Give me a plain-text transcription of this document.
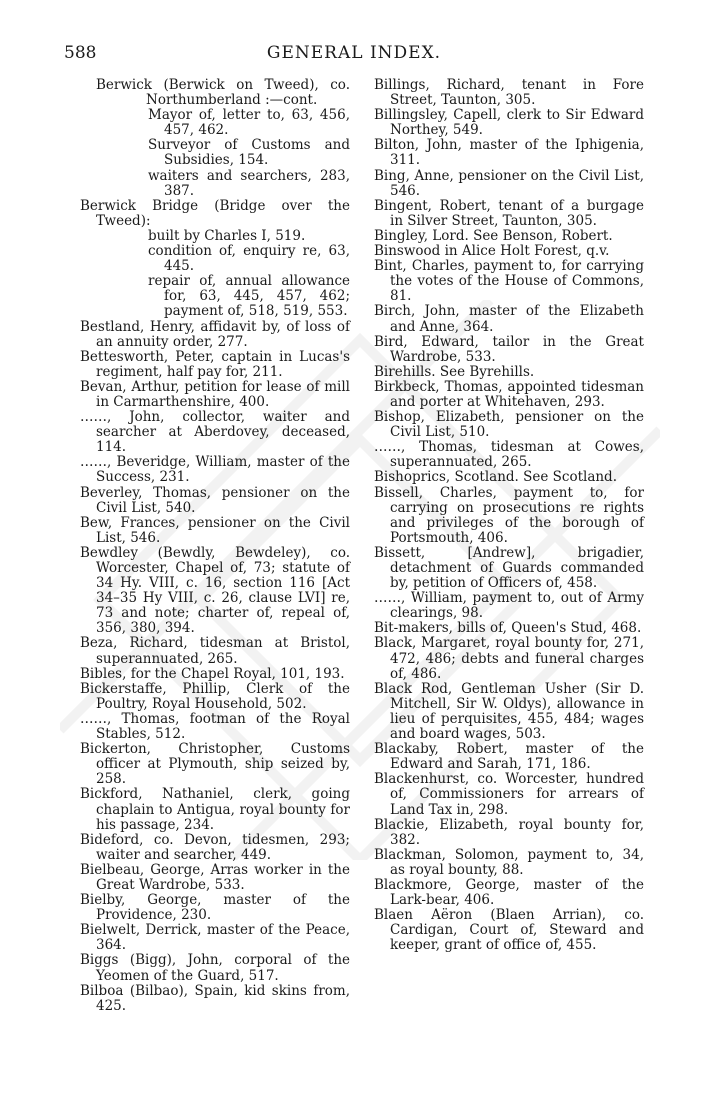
588	GENERAL INDEX.
Berwick (Berwick on Tweed), co. Northumberland :—cont.
Mayor of, letter to, 63, 456, 457, 462.
Surveyor of Customs and Subsidies, 154.
waiters and searchers, 283, 387.
Berwick Bridge (Bridge over the Tweed):
built by Charles I, 519.
condition of, enquiry re, 63, 445.
repair of, annual allowance for, 63, 445, 457, 462; payment of, 518, 519, 553.
Bestland, Henry, affidavit by, of loss of an annuity order, 277.
Bettesworth, Peter, captain in Lucas's regiment, half pay for, 211.
Bevan, Arthur, petition for lease of mill in Carmarthenshire, 400.
……, John, collector, waiter and searcher at Aberdovey, deceased, 114.
……, Beveridge, William, master of the Success, 231.
Beverley, Thomas, pensioner on the Civil List, 540.
Bew, Frances, pensioner on the Civil List, 546.
Bewdley (Bewdly, Bewdeley), co. Worcester, Chapel of, 73; statute of 34 Hy. VIII, c. 16, section 116 [Act 34–35 Hy VIII, c. 26, clause LVI] re, 73 and note; charter of, repeal of, 356, 380, 394.
Beza, Richard, tidesman at Bristol, superannuated, 265.
Bibles, for the Chapel Royal, 101, 193.
Bickerstaffe, Phillip, Clerk of the Poultry, Royal Household, 502.
……, Thomas, footman of the Royal Stables, 512.
Bickerton, Christopher, Customs officer at Plymouth, ship seized by, 258.
Bickford, Nathaniel, clerk, going chaplain to Antigua, royal bounty for his passage, 234.
Bideford, co. Devon, tidesmen, 293; waiter and searcher, 449.
Bielbeau, George, Arras worker in the Great Wardrobe, 533.
Bielby, George, master of the Providence, 230.
Bielwelt, Derrick, master of the Peace, 364.
Biggs (Bigg), John, corporal of the Yeomen of the Guard, 517.
Bilboa (Bilbao), Spain, kid skins from, 425.
Billings, Richard, tenant in Fore Street, Taunton, 305.
Billingsley, Capell, clerk to Sir Edward Northey, 549.
Bilton, John, master of the Iphigenia, 311.
Bing, Anne, pensioner on the Civil List, 546.
Bingent, Robert, tenant of a burgage in Silver Street, Taunton, 305.
Bingley, Lord. See Benson, Robert.
Binswood in Alice Holt Forest, q.v.
Bint, Charles, payment to, for carrying the votes of the House of Commons, 81.
Birch, John, master of the Elizabeth and Anne, 364.
Bird, Edward, tailor in the Great Wardrobe, 533.
Birehills. See Byrehills.
Birkbeck, Thomas, appointed tidesman and porter at Whitehaven, 293.
Bishop, Elizabeth, pensioner on the Civil List, 510.
……, Thomas, tidesman at Cowes, superannuated, 265.
Bishoprics, Scotland. See Scotland.
Bissell, Charles, payment to, for carrying on prosecutions re rights and privileges of the borough of Portsmouth, 406.
Bissett, [Andrew], brigadier, detachment of Guards commanded by, petition of Officers of, 458.
……, William, payment to, out of Army clearings, 98.
Bit-makers, bills of, Queen's Stud, 468.
Black, Margaret, royal bounty for, 271, 472, 486; debts and funeral charges of, 486.
Black Rod, Gentleman Usher (Sir D. Mitchell, Sir W. Oldys), allowance in lieu of perquisites, 455, 484; wages and board wages, 503.
Blackaby, Robert, master of the Edward and Sarah, 171, 186.
Blackenhurst, co. Worcester, hundred of, Commissioners for arrears of Land Tax in, 298.
Blackie, Elizabeth, royal bounty for, 382.
Blackman, Solomon, payment to, 34, as royal bounty, 88.
Blackmore, George, master of the Lark-bear, 406.
Blaen Aëron (Blaen Arrian), co. Cardigan, Court of, Steward and keeper, grant of office of, 455.
